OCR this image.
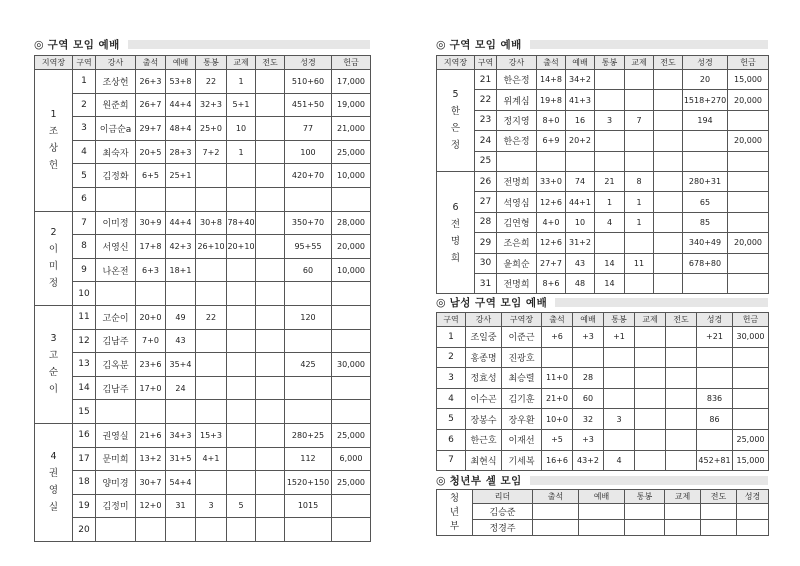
◎ 구역 모임 예배
지역장	구역	강사	출석	예배	통봉	교제	전도	성경	헌금

1
조
상
헌	1	조상헌	26+3	53+8	22	1		510+60	17,000
	2	원준희	26+7	44+4	32+3	5+1		451+50	19,000
	3	이금순a	29+7	48+4	25+0	10		77	21,000
	4	최숙자	20+5	28+3	7+2	1		100	25,000
	5	김정화	6+5	25+1				420+70	10,000
	6								

2
이
미
정	7	이미정	30+9	44+4	30+8	78+40		350+70	28,000
	8	서영신	17+8	42+3	26+10	20+10		95+55	20,000
	9	나온전	6+3	18+1				60	10,000
	10								

3
고
순
이	11	고순이	20+0	49	22			120	
	12	김남주	7+0	43					
	13	김옥분	23+6	35+4				425	30,000
	14	김남주	17+0	24					
	15								

4
권
영
실	16	권영실	21+6	34+3	15+3			280+25	25,000
	17	문미희	13+2	31+5	4+1			112	6,000
	18	양미경	30+7	54+4				1520+150	25,000
	19	김정미	12+0	31	3	5		1015	
	20								
◎ 구역 모임 예배
지역장	구역	강사	출석	예배	통봉	교제	전도	성경	헌금

5
한
은
정	21	한은정	14+8	34+2				20	15,000
	22	위계심	19+8	41+3				1518+270	20,000
	23	정지영	8+0	16	3	7		194	
	24	한은정	6+9	20+2					20,000
	25								

6
전
명
희	26	전명희	33+0	74	21	8		280+31	
	27	석영심	12+6	44+1	1	1		65	
	28	김연형	4+0	10	4	1		85	
	29	조은희	12+6	31+2				340+49	20,000
	30	윤희순	27+7	43	14	11		678+80	
	31	전명희	8+6	48	14				
◎ 남성 구역 모임 예배
구역	강사	구역장	출석	예배	통봉	교제	전도	성경	헌금
1	조일중	이준근	+6	+3	+1			+21	30,000
2	홍종명	진광호							
3	정효성	최승렬	11+0	28					
4	이수곤	김기훈	21+0	60				836	
5	장봉수	장우환	10+0	32	3			86	
6	한근호	이재선	+5	+3					25,000
7	최현식	기세복	16+6	43+2	4			452+81	15,000
◎ 청년부 셀 모임
청
년
부	리더	출석	예배	통봉	교제	전도	성경
	김승준						
	정경주						
